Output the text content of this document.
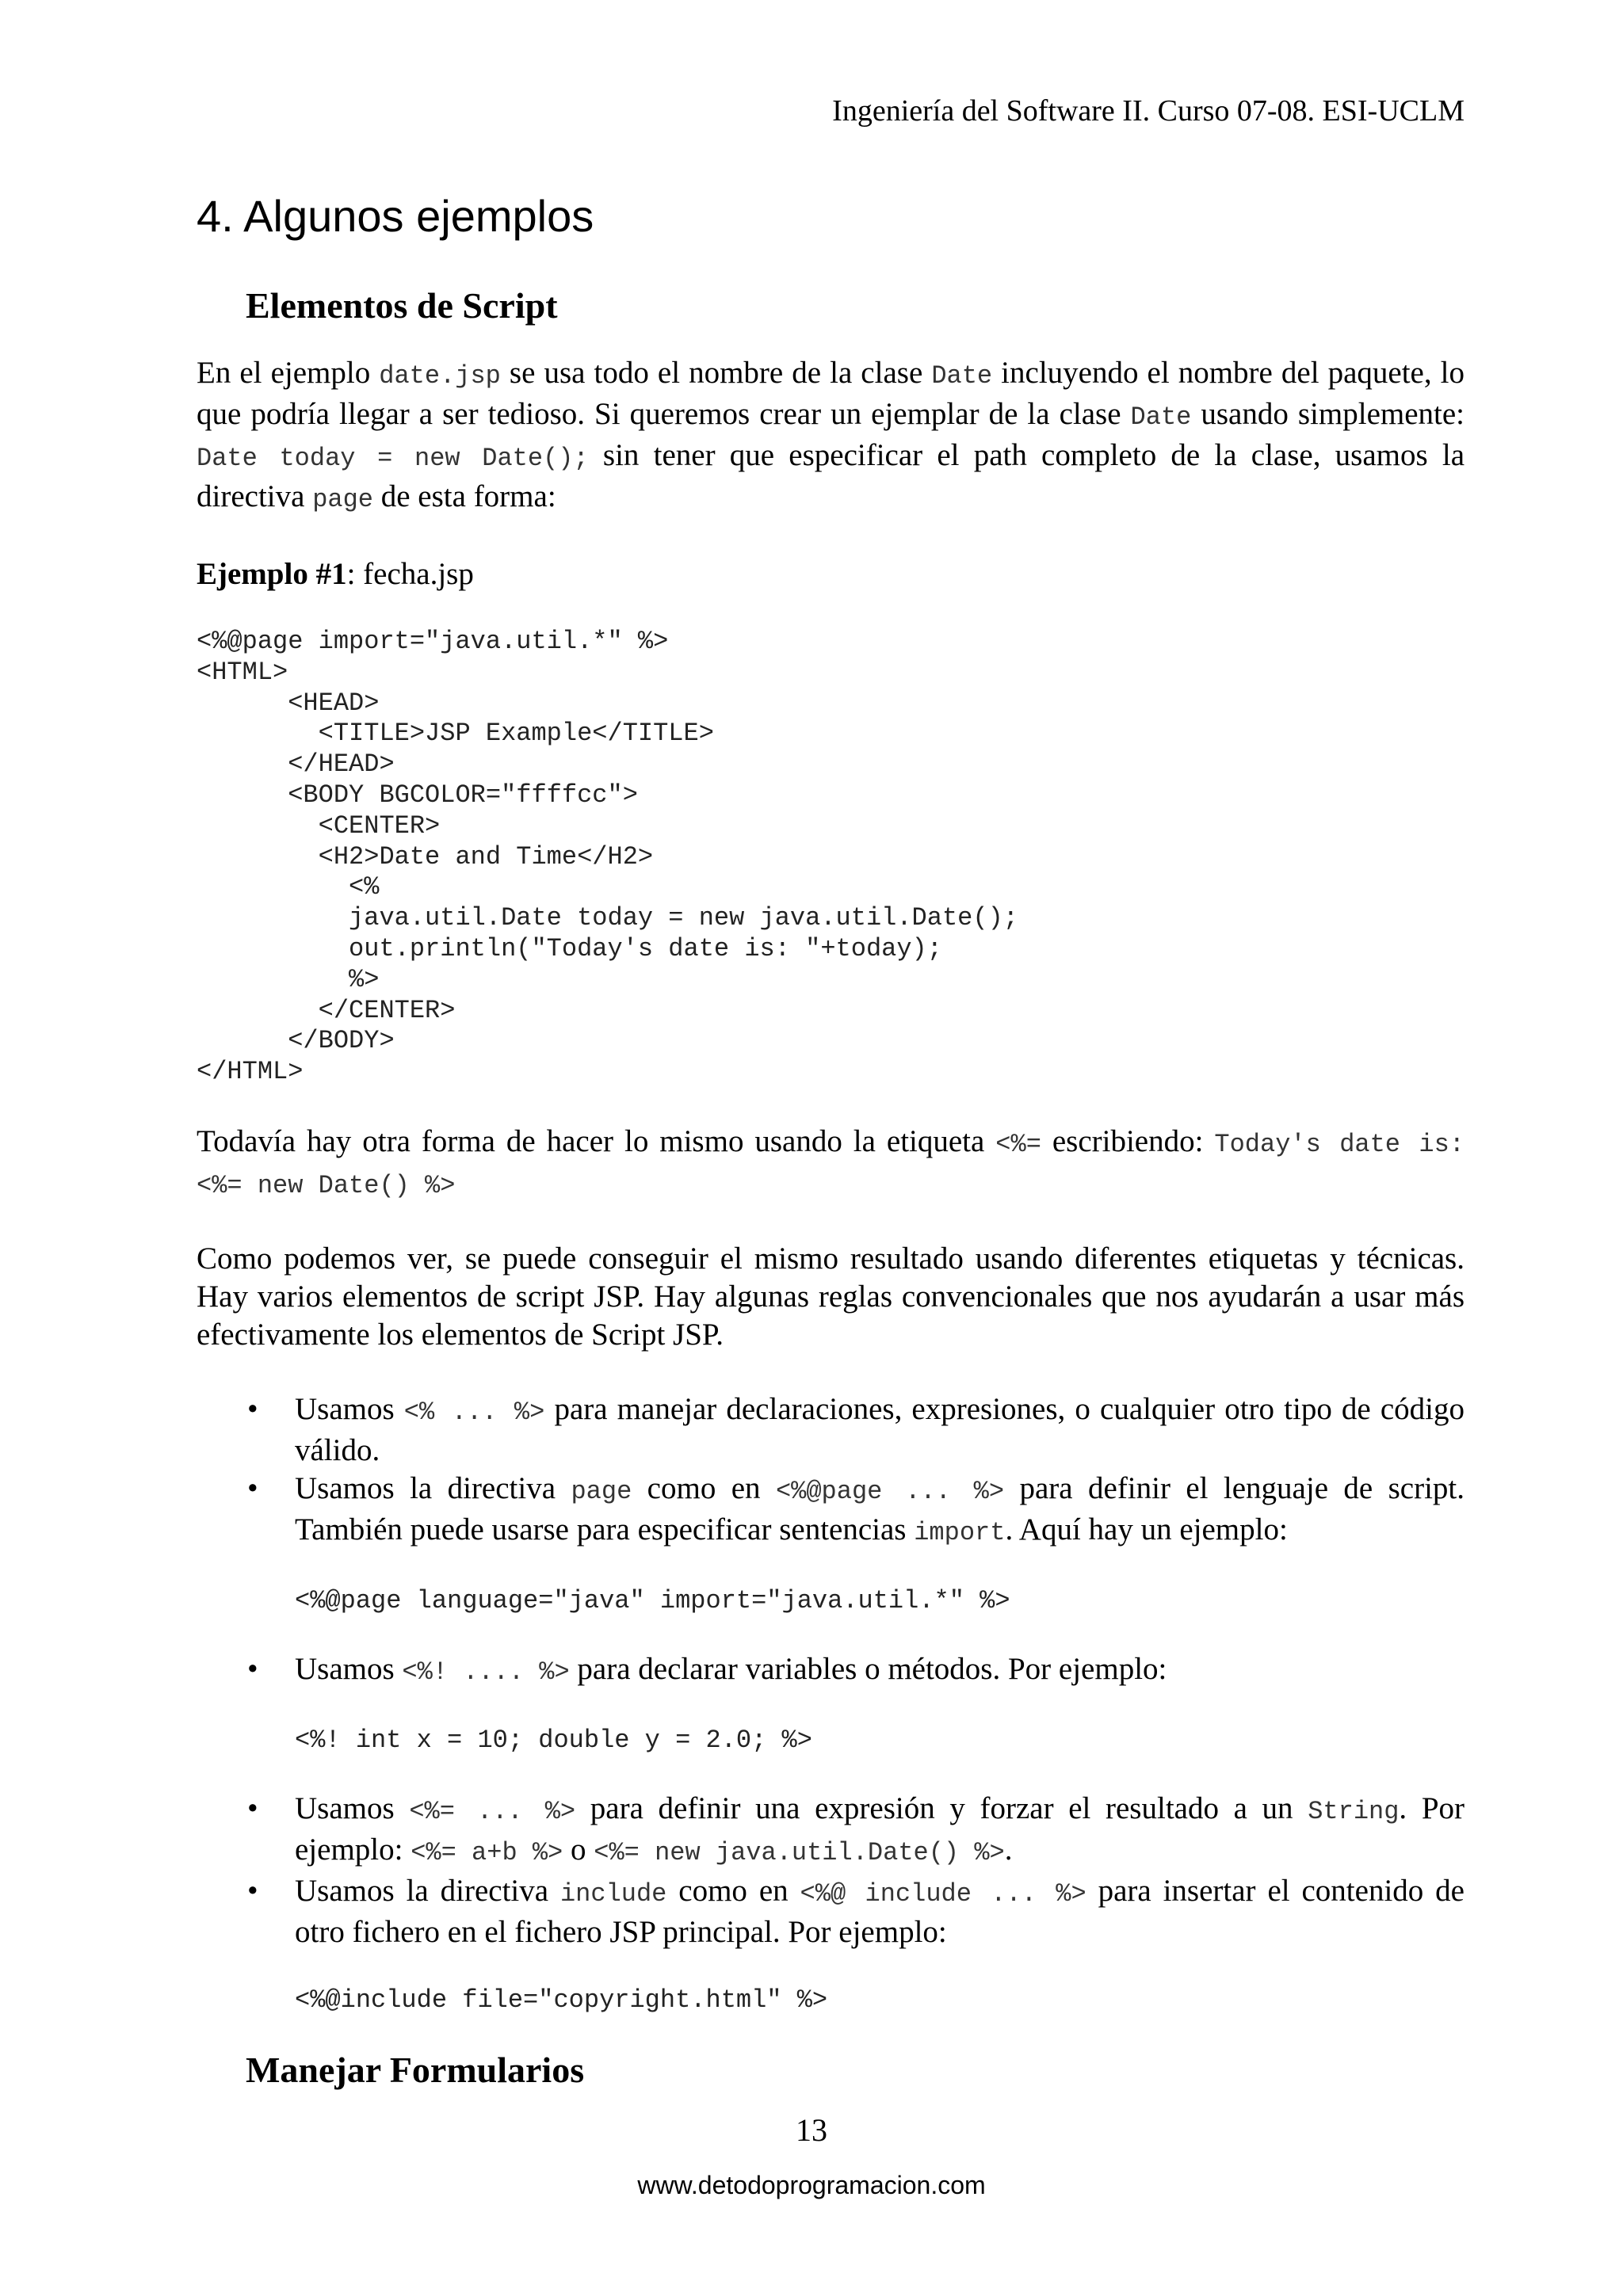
Ingeniería del Software II. Curso 07-08. ESI-UCLM
4. Algunos ejemplos
Elementos de Script

En el ejemplo date.jsp se usa todo el nombre de la clase Date incluyendo el nombre del paquete, lo que podría llegar a ser tedioso. Si queremos crear un ejemplar de la clase Date usando simplemente: Date today = new Date(); sin tener que especificar el path completo de la clase, usamos la directiva page de esta forma:

Ejemplo #1: fecha.jsp

<%@page import="java.util.*" %>
<HTML>
<HEAD>
<TITLE>JSP Example</TITLE>
</HEAD>
<BODY BGCOLOR="ffffcc">
<CENTER>
<H2>Date and Time</H2>
<%
java.util.Date today = new java.util.Date();
out.println("Today's date is: "+today);
%>
</CENTER>
</BODY>
</HTML>

Todavía hay otra forma de hacer lo mismo usando la etiqueta <%= escribiendo: Today's date is: <%= new Date() %>

Como podemos ver, se puede conseguir el mismo resultado usando diferentes etiquetas y técnicas. Hay varios elementos de script JSP. Hay algunas reglas convencionales que nos ayudarán a usar más efectivamente los elementos de Script JSP.

• Usamos <% ... %> para manejar declaraciones, expresiones, o cualquier otro tipo de código válido.
• Usamos la directiva page como en <%@page ... %> para definir el lenguaje de script. También puede usarse para especificar sentencias import. Aquí hay un ejemplo:
<%@page language="java" import="java.util.*" %>
• Usamos <%! .... %> para declarar variables o métodos. Por ejemplo:
<%! int x = 10; double y = 2.0; %>
• Usamos <%= ... %> para definir una expresión y forzar el resultado a un String. Por ejemplo: <%= a+b %> o <%= new java.util.Date() %>.
• Usamos la directiva include como en <%@ include ... %> para insertar el contenido de otro fichero en el fichero JSP principal. Por ejemplo:
<%@include file="copyright.html" %>
Manejar Formularios
13
www.detodoprogramacion.com
